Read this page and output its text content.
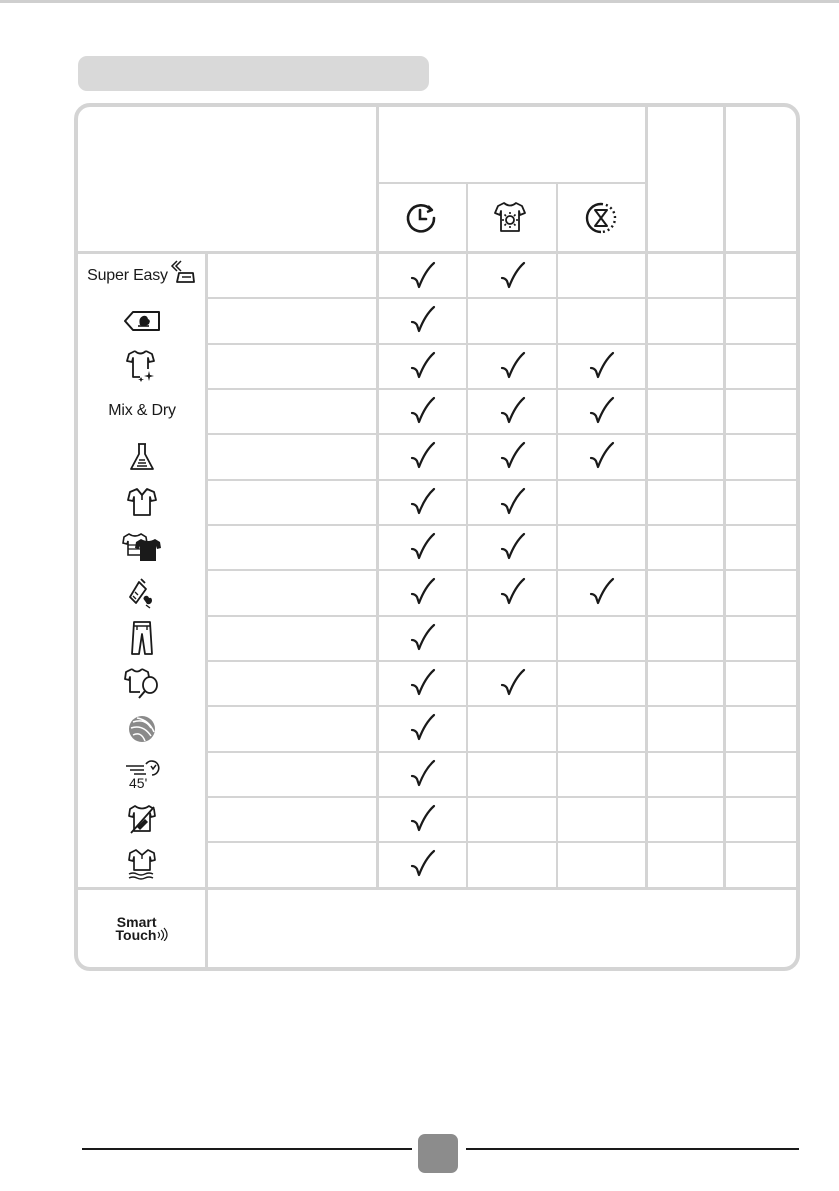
Super Easy
Mix & Dry
45'
Smart
Touch
